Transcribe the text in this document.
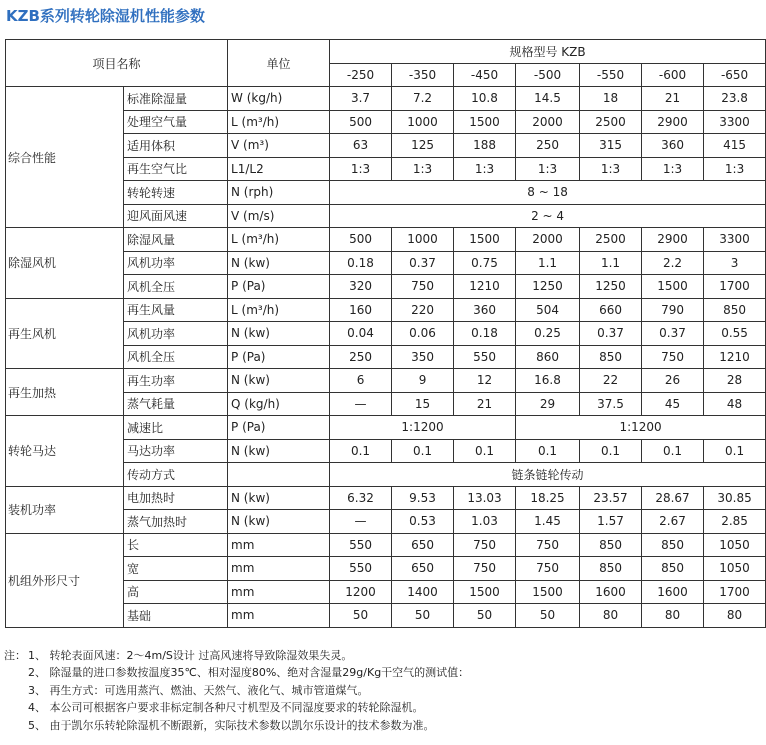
KZB系列转轮除湿机性能参数
项目名称		单位	规格型号 KZB						
			-250	-350	-450	-500	-550	-600	-650
综合性能	标准除湿量	W (kg/h)	3.7	7.2	10.8	14.5	18	21	23.8
	处理空气量	L (m³/h)	500	1000	1500	2000	2500	2900	3300
	适用体积	V (m³)	63	125	188	250	315	360	415
	再生空气比	L1/L2	1:3	1:3	1:3	1:3	1:3	1:3	1:3
	转轮转速	N (rph)	8 ~ 18						
	迎风面风速	V (m/s)	2 ~ 4						
除湿风机	除湿风量	L (m³/h)	500	1000	1500	2000	2500	2900	3300
	风机功率	N (kw)	0.18	0.37	0.75	1.1	1.1	2.2	3
	风机全压	P (Pa)	320	750	1210	1250	1250	1500	1700
再生风机	再生风量	L (m³/h)	160	220	360	504	660	790	850
	风机功率	N (kw)	0.04	0.06	0.18	0.25	0.37	0.37	0.55
	风机全压	P (Pa)	250	350	550	860	850	750	1210
再生加热	再生功率	N (kw)	6	9	12	16.8	22	26	28
	蒸气耗量	Q (kg/h)	—	15	21	29	37.5	45	48
转轮马达	减速比	P (Pa)	1:1200			1:1200			
	马达功率	N (kw)	0.1	0.1	0.1	0.1	0.1	0.1	0.1
	传动方式		链条链轮传动						
装机功率	电加热时	N (kw)	6.32	9.53	13.03	18.25	23.57	28.67	30.85
	蒸气加热时	N (kw)	—	0.53	1.03	1.45	1.57	2.67	2.85
机组外形尺寸	长	mm	550	650	750	750	850	850	1050
	宽	mm	550	650	750	750	850	850	1050
	高	mm	1200	1400	1500	1500	1600	1600	1700
	基础	mm	50	50	50	50	80	80	80
注： 1、 转轮表面风速：2～4m/S设计 过高风速将导致除湿效果失灵。
2、 除湿量的进口参数按温度35℃、相对湿度80%、绝对含湿量29g/Kg干空气的测试值：
3、 再生方式：可选用蒸汽、燃油、天然气、液化气、城市管道煤气。
4、 本公司可根据客户要求非标定制各种尺寸机型及不同湿度要求的转轮除湿机。
5、 由于凯尔乐转轮除湿机不断跟新，实际技术参数以凯尔乐设计的技术参数为准。
